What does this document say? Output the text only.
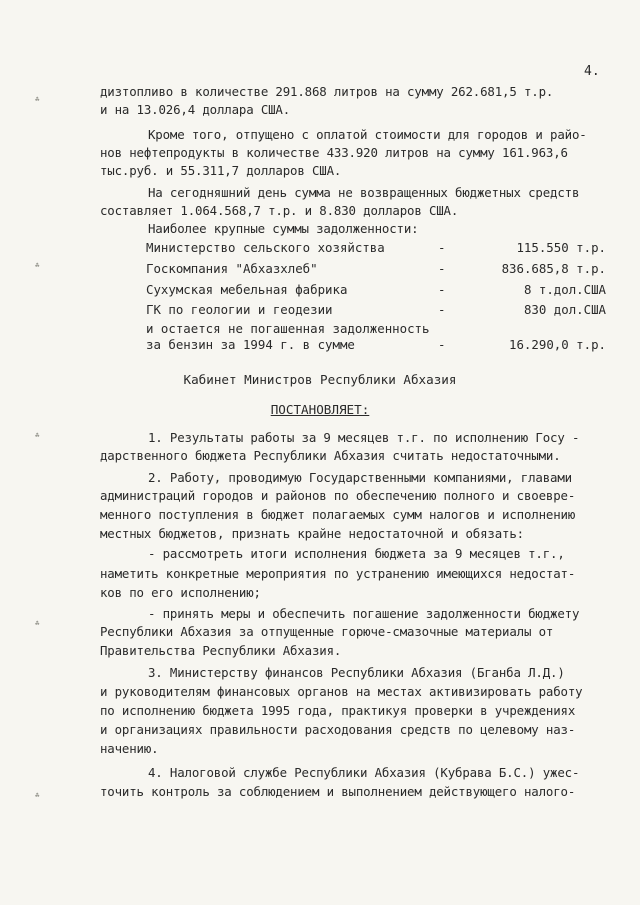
4.
؞
؞
؞
؞
؞
дизтопливо в количестве 291.868 литров на сумму 262.681,5 т.р.
и на 13.026,4 доллара США.
Кроме того, отпущено с оплатой стоимости для городов и райо-
нов нефтепродукты в количестве 433.920 литров на сумму 161.963,6
тыс.руб. и 55.311,7 долларов США.
На сегодняшний день сумма не возвращенных бюджетных средств
составляет 1.064.568,7 т.р. и 8.830 долларов США.
Наиболее крупные суммы задолженности:
Министерство сельского хозяйства	-	115.550 т.р.
Госкомпания "Абхазхлеб"	-	836.685,8 т.р.
Сухумская мебельная фабрика	-	8 т.дол.США
ГК по геологии и геодезии	-	830 дол.США
и остается не погашенная задолженность
за бензин за 1994 г. в сумме	-	16.290,0 т.р.
Кабинет Министров Республики Абхазия
ПОСТАНОВЛЯЕТ:
1. Результаты работы за 9 месяцев т.г. по исполнению Госу -
дарственного бюджета Республики Абхазия считать недостаточными.
2. Работу, проводимую Государственными компаниями, главами
администраций городов и районов по обеспечению полного и своевре-
менного поступления в бюджет полагаемых сумм налогов и исполнению
местных бюджетов, признать крайне недостаточной и обязать:
- рассмотреть итоги исполнения бюджета за 9 месяцев т.г.,
наметить конкретные мероприятия по устранению имеющихся недостат-
ков по его исполнению;
- принять меры и обеспечить погашение задолженности бюджету
Республики Абхазия за отпущенные горюче-смазочные материалы от
Правительства Республики Абхазия.
3. Министерству финансов Республики Абхазия (Бганба Л.Д.)
и руководителям финансовых органов на местах активизировать работу
по исполнению бюджета 1995 года, практикуя проверки в учреждениях
и организациях правильности расходования средств по целевому наз-
начению.
4. Налоговой службе Республики Абхазия (Кубрава Б.С.) ужес-
точить контроль за соблюдением и выполнением действующего налого-
